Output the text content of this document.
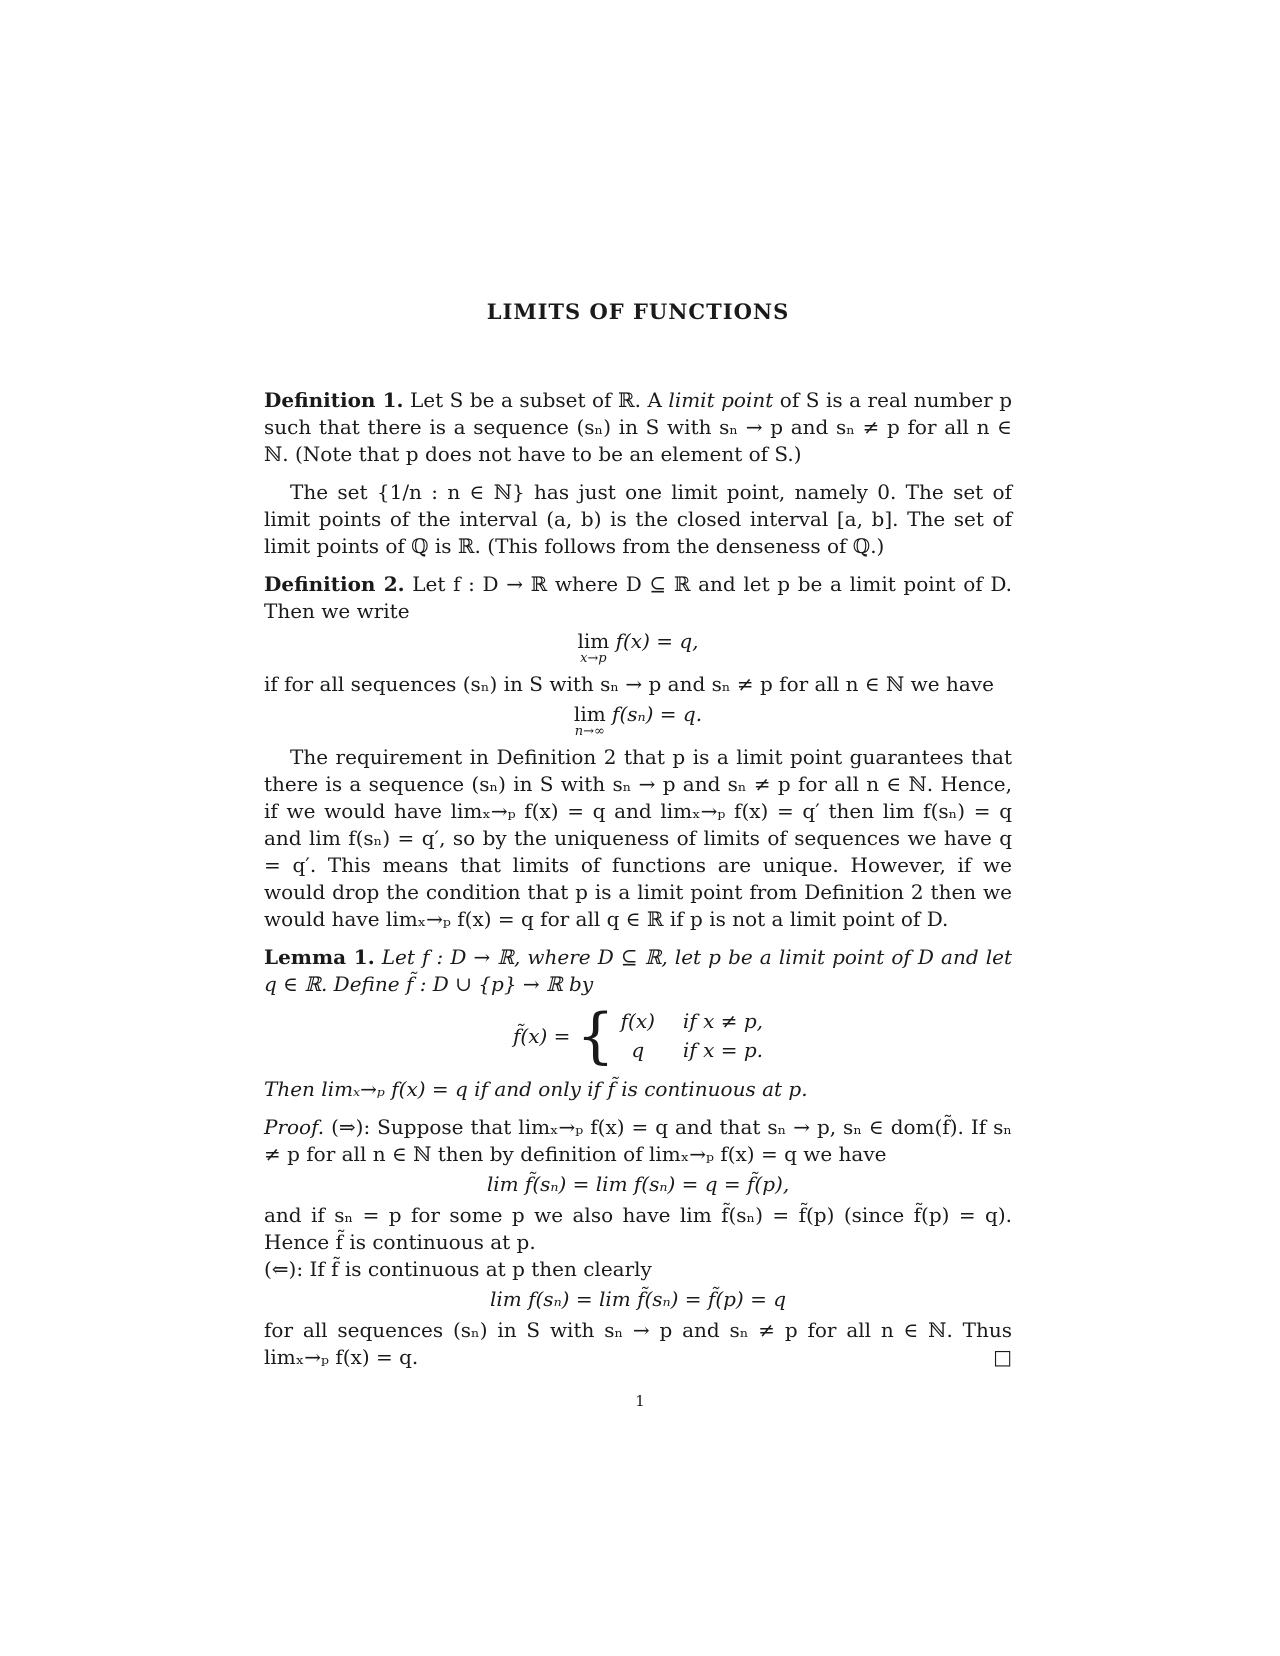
LIMITS OF FUNCTIONS

Definition 1. Let S be a subset of ℝ. A limit point of S is a real number p such that there is a sequence (sₙ) in S with sₙ → p and sₙ ≠ p for all n ∈ ℕ. (Note that p does not have to be an element of S.)

The set {1/n : n ∈ ℕ} has just one limit point, namely 0. The set of limit points of the interval (a, b) is the closed interval [a, b]. The set of limit points of ℚ is ℝ. (This follows from the denseness of ℚ.)

Definition 2. Let f : D → ℝ where D ⊆ ℝ and let p be a limit point of D. Then we write

lim
x→p
f(x) = q,

if for all sequences (sₙ) in S with sₙ → p and sₙ ≠ p for all n ∈ ℕ we have

lim
n→∞
f(sₙ) = q.

The requirement in Definition 2 that p is a limit point guarantees that there is a sequence (sₙ) in S with sₙ → p and sₙ ≠ p for all n ∈ ℕ. Hence, if we would have limₓ→ₚ f(x) = q and limₓ→ₚ f(x) = q′ then lim f(sₙ) = q and lim f(sₙ) = q′, so by the uniqueness of limits of sequences we have q = q′. This means that limits of functions are unique. However, if we would drop the condition that p is a limit point from Definition 2 then we would have limₓ→ₚ f(x) = q for all q ∈ ℝ if p is not a limit point of D.

Lemma 1. Let f : D → ℝ, where D ⊆ ℝ, let p be a limit point of D and let q ∈ ℝ. Define f̃ : D ∪ {p} → ℝ by

f̃(x) = { f(x) if x ≠ p,
q	if x = p.

Then limₓ→ₚ f(x) = q if and only if f̃ is continuous at p.

Proof. (⇒): Suppose that limₓ→ₚ f(x) = q and that sₙ → p, sₙ ∈ dom(f̃). If sₙ ≠ p for all n ∈ ℕ then by definition of limₓ→ₚ f(x) = q we have

lim f̃(sₙ) = lim f(sₙ) = q = f̃(p),

and if sₙ = p for some p we also have lim f̃(sₙ) = f̃(p) (since f̃(p) = q). Hence f̃ is continuous at p.

(⇐): If f̃ is continuous at p then clearly

lim f(sₙ) = lim f̃(sₙ) = f̃(p) = q

for all sequences (sₙ) in S with sₙ → p and sₙ ≠ p for all n ∈ ℕ. Thus limₓ→ₚ f(x) = q.	□

1
